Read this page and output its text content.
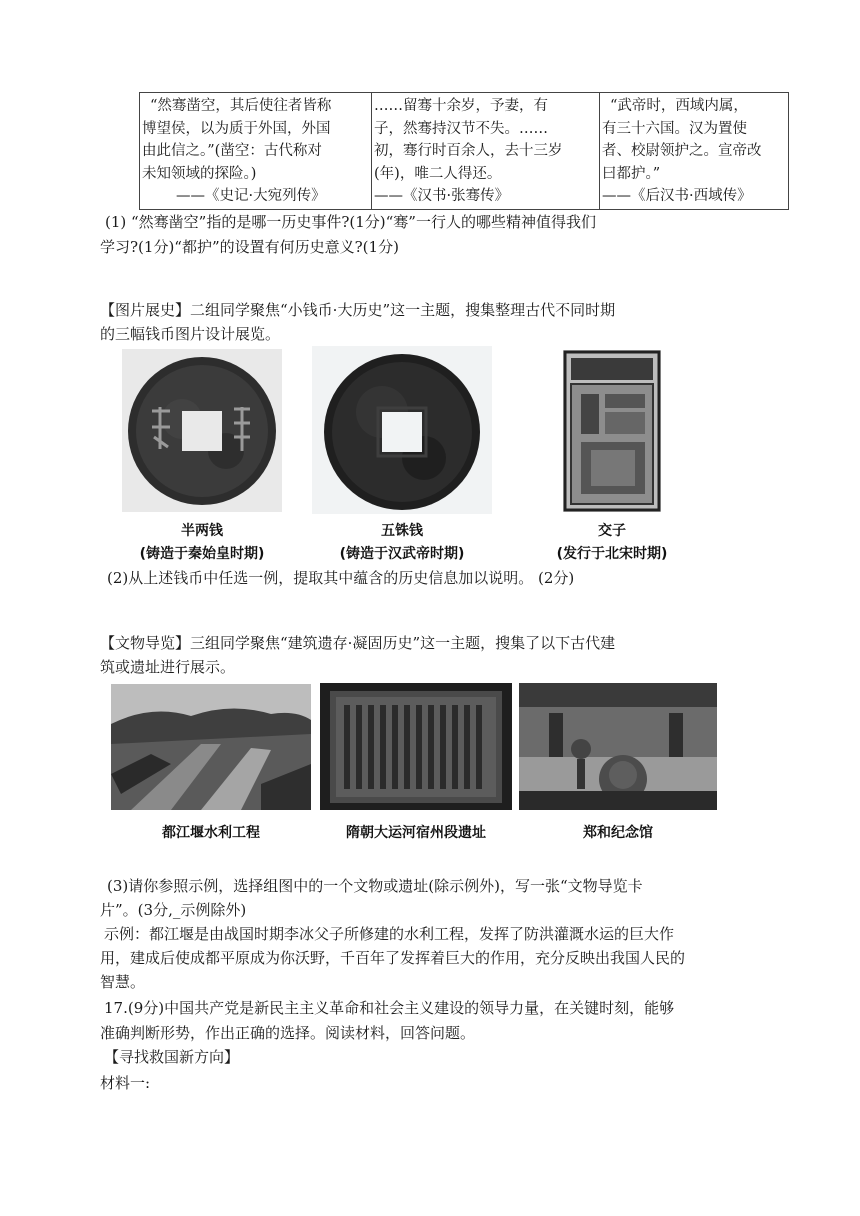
“然骞凿空，其后使往者皆称
博望侯，以为质于外国，外国
由此信之。”(凿空：古代称对
未知领域的探险。)
——《史记·大宛列传》
……留骞十余岁，予妻，有
子，然骞持汉节不失。……
初，骞行时百余人，去十三岁
(年)，唯二人得还。
——《汉书·张骞传》
“武帝时，西域内属，
有三十六国。汉为置使
者、校尉领护之。宣帝改
曰都护。”
——《后汉书·西域传》
(1) “然骞凿空”指的是哪一历史事件?(1分)“骞”一行人的哪些精神值得我们
学习?(1分)“都护”的设置有何历史意义?(1分)
【图片展史】二组同学聚焦“小钱币·大历史”这一主题，搜集整理古代不同时期
的三幅钱币图片设计展览。
半两钱
(铸造于秦始皇时期)
五铢钱
(铸造于汉武帝时期)
交子
(发行于北宋时期)
(2)从上述钱币中任选一例，提取其中蕴含的历史信息加以说明。 (2分)
【文物导览】三组同学聚焦“建筑遗存·凝固历史”这一主题，搜集了以下古代建
筑或遗址进行展示。
都江堰水利工程	隋朝大运河宿州段遗址	郑和纪念馆
(3)请你参照示例，选择组图中的一个文物或遗址(除示例外)，写一张“文物导览卡
片”。(3分,_示例除外)
示例：都江堰是由战国时期李冰父子所修建的水利工程，发挥了防洪灌溉水运的巨大作
用，建成后使成都平原成为你沃野，千百年了发挥着巨大的作用，充分反映出我国人民的
智慧。
17.(9分)中国共产党是新民主主义革命和社会主义建设的领导力量，在关键时刻，能够
准确判断形势，作出正确的选择。阅读材料，回答问题。
【寻找救国新方向】
材料一:
